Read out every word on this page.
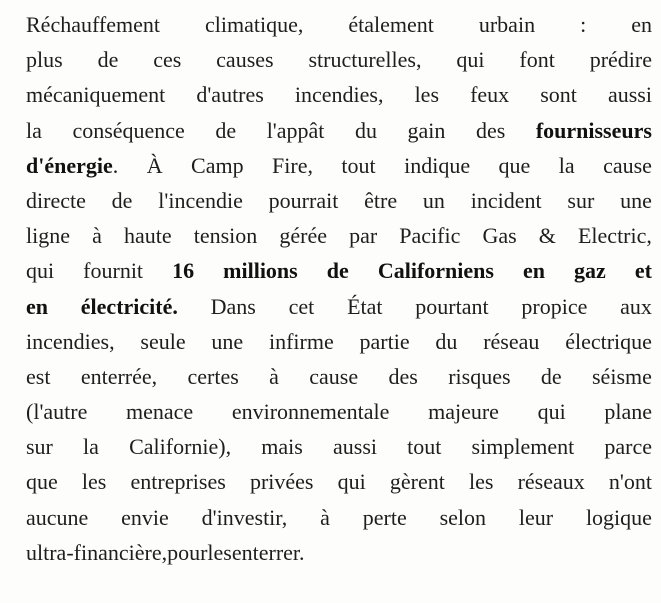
Réchauffement climatique, étalement urbain : en
plus de ces causes structurelles, qui font prédire
mécaniquement d'autres incendies, les feux sont aussi
la conséquence de l'appât du gain des fournisseurs
d'énergie. À Camp Fire, tout indique que la cause
directe de l'incendie pourrait être un incident sur une
ligne à haute tension gérée par Pacific Gas & Electric,
qui fournit 16 millions de Californiens en gaz et
en électricité. Dans cet État pourtant propice aux
incendies, seule une infirme partie du réseau électrique
est enterrée, certes à cause des risques de séisme
(l'autre menace environnementale majeure qui plane
sur la Californie), mais aussi tout simplement parce
que les entreprises privées qui gèrent les réseaux n'ont
aucune envie d'investir, à perte selon leur logique
ultra-financière, pour les enterrer.
